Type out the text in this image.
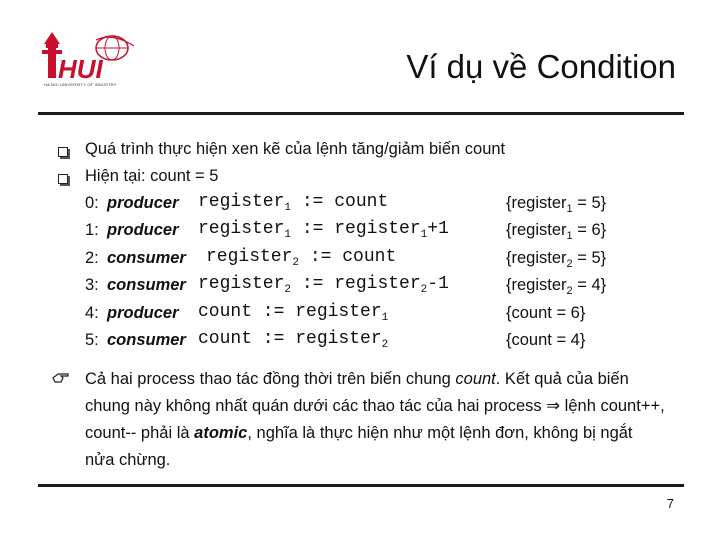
HUI
HA NOI UNIVERSITY OF INDUSTRY	Ví dụ về Condition
Quá trình thực hiện xen kẽ của lệnh tăng/giảm biến count
Hiện tại: count = 5
0: producer register$_1$ := count	{register$_1$ = 5}
1: producer register$_1$ := register$_1$+1	{register$_1$ = 6}
2: consumer register$_2$ := count	{register$_2$ = 5}
3: consumer register$_2$ := register$_2$-1	{register$_2$ = 4}
4: producer count := register$_1$	{count = 6}
5: consumer count := register$_2$	{count = 4}
Cả hai process thao tác đồng thời trên biến chung count. Kết quả của biến chung này không nhất quán dưới các thao tác của hai process ⇒ lệnh count++, count-- phải là atomic, nghĩa là thực hiện như một lệnh đơn, không bị ngắt nửa chừng.
7
